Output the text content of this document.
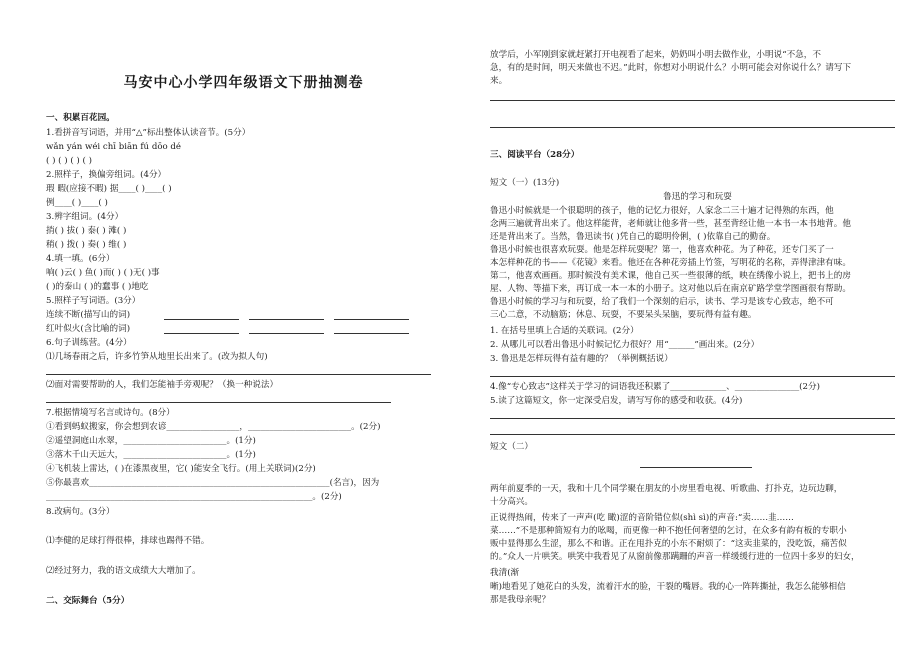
马安中心小学四年级语文下册抽测卷
一、积累百花园。
1.看拼音写词语，并用“△”标出整体认读音节。(5分）
wǎn yán wéi chī biān fú dōo dé
( ) ( ) ( ) ( )
2.照样子，换偏旁组词。(4分）
瑕 暇(应接不暇) 据____( )____( )
例____( )____( )
3.辨字组词。(4分）
捎( ) 拔( ) 泰( ) 滩( )
稍( ) 拨( ) 奏( ) 维( )
4.填一填。(6分）
响( )云( ) 鱼( )而( ) ( )无( )事
( )的泰山 ( )的蠢事 ( )地吃
5.照样子写词语。(3分）
连续不断(描写山的词)
红叶似火(含比喻的词)
6.句子训练营。(4分）
⑴几场春雨之后，许多竹笋从地里长出来了。(改为拟人句)
⑵面对需要帮助的人，我们怎能袖手旁观呢？（换一种说法）
7.根据情境写名言或诗句。(8分）
①看到蚂蚁搬家，你会想到农谚_________________，________________________。(2分)
②遥望洞庭山水翠，________________________。(1分)
③落木千山天远大，________________________。(1分)
④飞机装上雷达，( )在漆黑夜里，它( )能安全飞行。(用上关联词)(2分)
⑤你最喜欢________________________________________________________(名言)，因为
______________________________________________________________。(2分)
8.改病句。(3分）
⑴李健的足球打得很棒，排球也踢得不错。
⑵经过努力，我的语文成绩大大增加了。
二、交际舞台（5分）
放学后，小军刚到家就赶紧打开电视看了起来，奶奶叫小明去做作业，小明说“不急，不
急，有的是时间，明天来做也不迟。”此时，你想对小明说什么？小明可能会对你说什么？请写下
来。
三、阅读平台（28分）
短文（一）(13分)
鲁迅的学习和玩耍
鲁迅小时候就是一个很聪明的孩子，他的记忆力很好，人家念二三十遍才记得熟的东西，他
念两三遍就背出来了。他这样能背，老师就让他多背一些，甚至背经让他一本书一本书地背。他
还是背出来了。当然，鲁迅读书( )凭自己的聪明伶俐，( )依靠自己的勤奋。
鲁迅小时候也很喜欢玩耍。他是怎样玩耍呢？第一，他喜欢种花。为了种花，还专门买了一
本怎样种花的书——《花镜》来看。他还在各种花旁插上竹签，写明花的名称，弄得津津有味。
第二，他喜欢画画。那时候没有美术课，他自己买一些很薄的纸，映在绣像小说上，把书上的房
屋、人物、等描下来，再订成一本一本的小册子。这对他以后在南京矿路学堂学图画很有帮助。
鲁迅小时候的学习与和玩耍，给了我们一个深刻的启示，读书、学习是该专心致志，绝不可
三心二意，不动脑筋；休息、玩耍，不要呆头呆脑，要玩得有益有趣。
1. 在括号里填上合适的关联词。(2分）
2. 从哪儿可以看出鲁迅小时候记忆力很好？用“______”画出来。(2分）
3. 鲁迅是怎样玩得有益有趣的？（举例概括说）
4.像“专心致志”这样关于学习的词语我还积累了_____________、_______________(2分)
5.读了这篇短文，你一定深受启发，请写写你的感受和收获。(4分)
短文（二）
两年前夏季的一天，我和十几个同学聚在朋友的小房里看电视、听歌曲、打扑克，边玩边聊，
十分高兴。
正说得热闹，传来了一声声(吃 瞰)涩的音阶错位似(shì sì)的声音:“卖……韭……
菜……”不是那种简短有力的吆喝，而更像一种不抱任何奢望的乞讨，在众多有韵有板的专职小
贩中显得那么生涩，那么不和谐。正在甩扑克的小东不耐烦了：“这卖韭菜的，没吃饭，痛苦似
的。”众人一片哄笑。哄笑中我看见了从窗前像那蹒跚的声音一样缓缓行进的一位四十多岁的妇女，
我清(渐
晰)地看见了她花白的头发，流着汗水的脸，干裂的嘴唇。我的心一阵阵撕扯，我怎么能够相信
那是我母亲呢？
